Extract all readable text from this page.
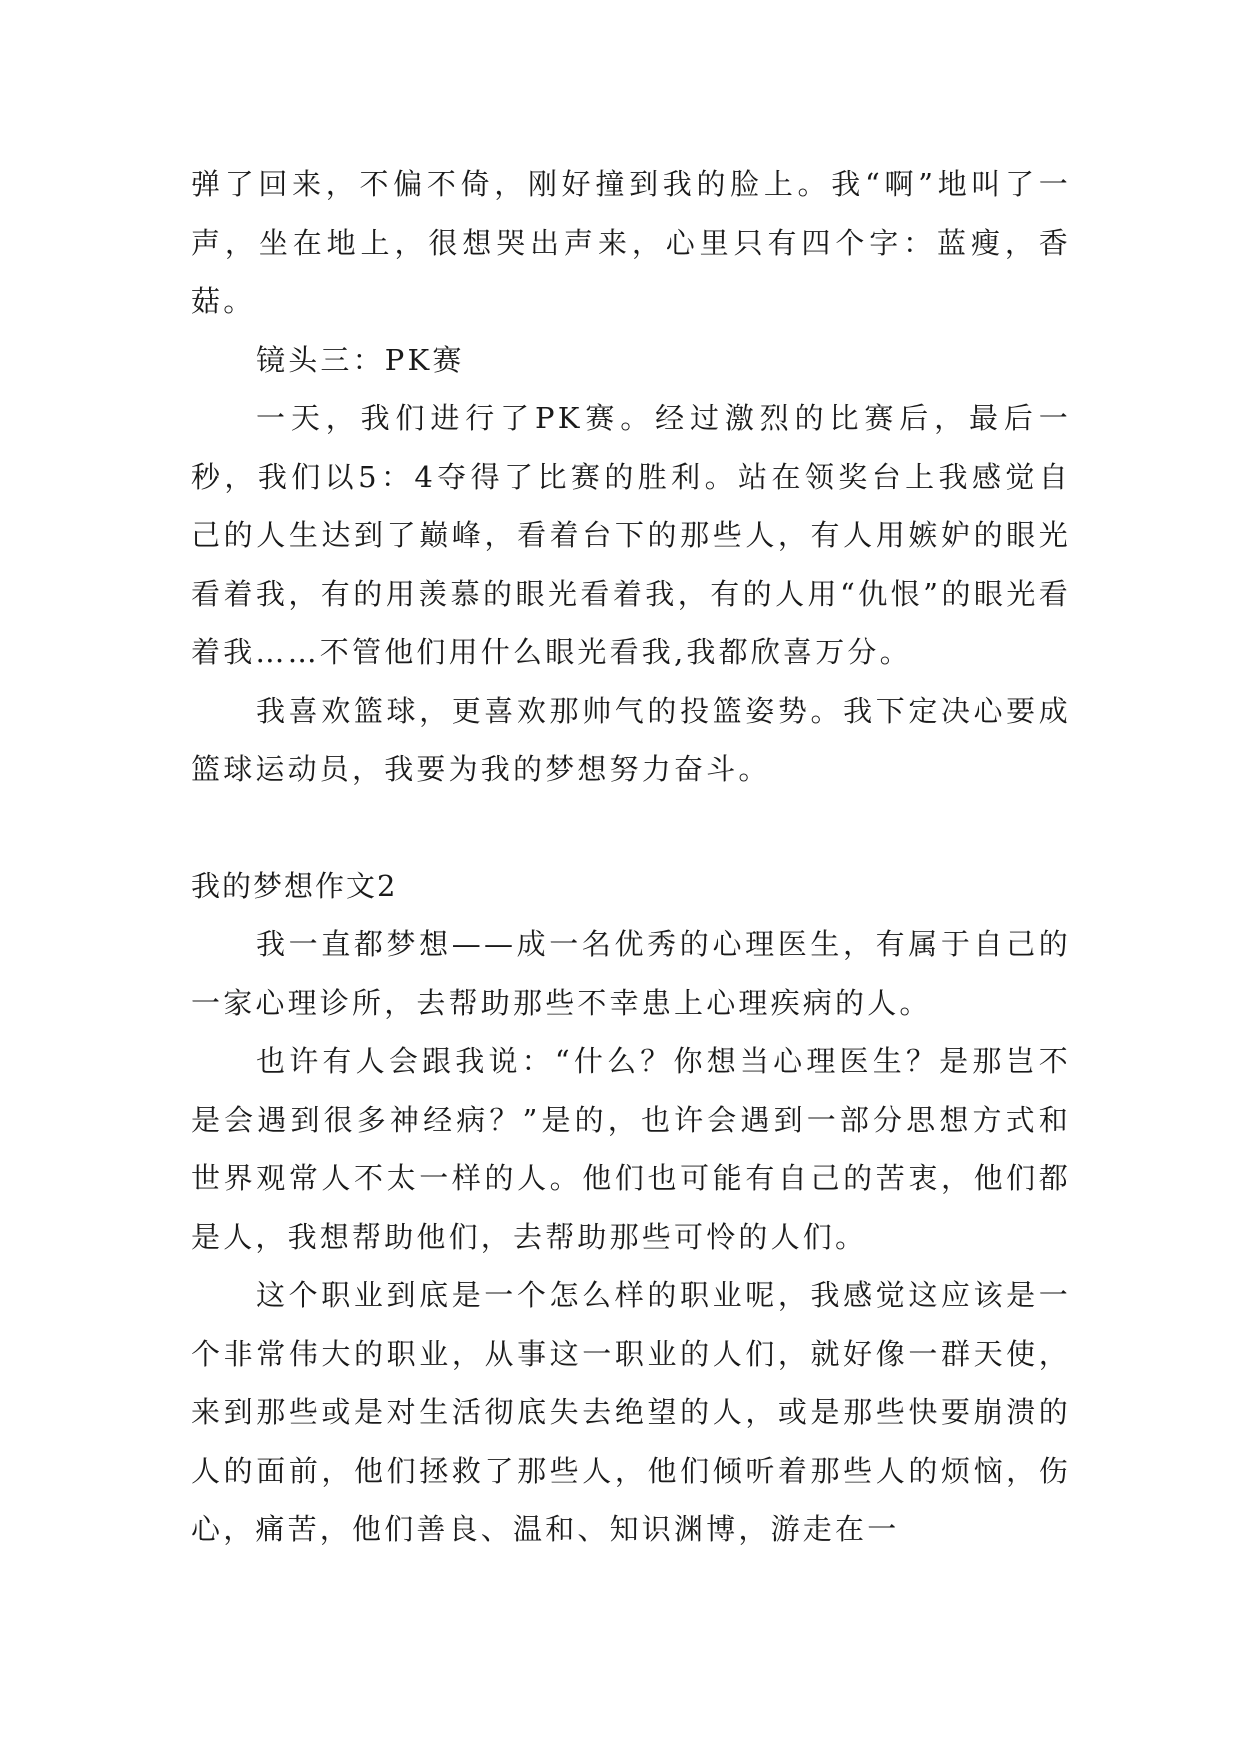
弹了回来，不偏不倚，刚好撞到我的脸上。我“啊”地叫了一声，坐在地上，很想哭出声来，心里只有四个字：蓝瘦，香菇。

镜头三：PK赛

一天，我们进行了PK赛。经过激烈的比赛后，最后一秒，我们以5：4夺得了比赛的胜利。站在领奖台上我感觉自己的人生达到了巅峰，看着台下的那些人，有人用嫉妒的眼光看着我，有的用羡慕的眼光看着我，有的人用“仇恨”的眼光看着我……不管他们用什么眼光看我,我都欣喜万分。

我喜欢篮球，更喜欢那帅气的投篮姿势。我下定决心要成篮球运动员，我要为我的梦想努力奋斗。

我的梦想作文2

我一直都梦想——成一名优秀的心理医生，有属于自己的一家心理诊所，去帮助那些不幸患上心理疾病的人。

也许有人会跟我说：“什么？你想当心理医生？是那岂不是会遇到很多神经病？”是的，也许会遇到一部分思想方式和世界观常人不太一样的人。他们也可能有自己的苦衷，他们都是人，我想帮助他们，去帮助那些可怜的人们。

这个职业到底是一个怎么样的职业呢，我感觉这应该是一个非常伟大的职业，从事这一职业的人们，就好像一群天使，来到那些或是对生活彻底失去绝望的人，或是那些快要崩溃的人的面前，他们拯救了那些人，他们倾听着那些人的烦恼，伤心，痛苦，他们善良、温和、知识渊博，游走在一
